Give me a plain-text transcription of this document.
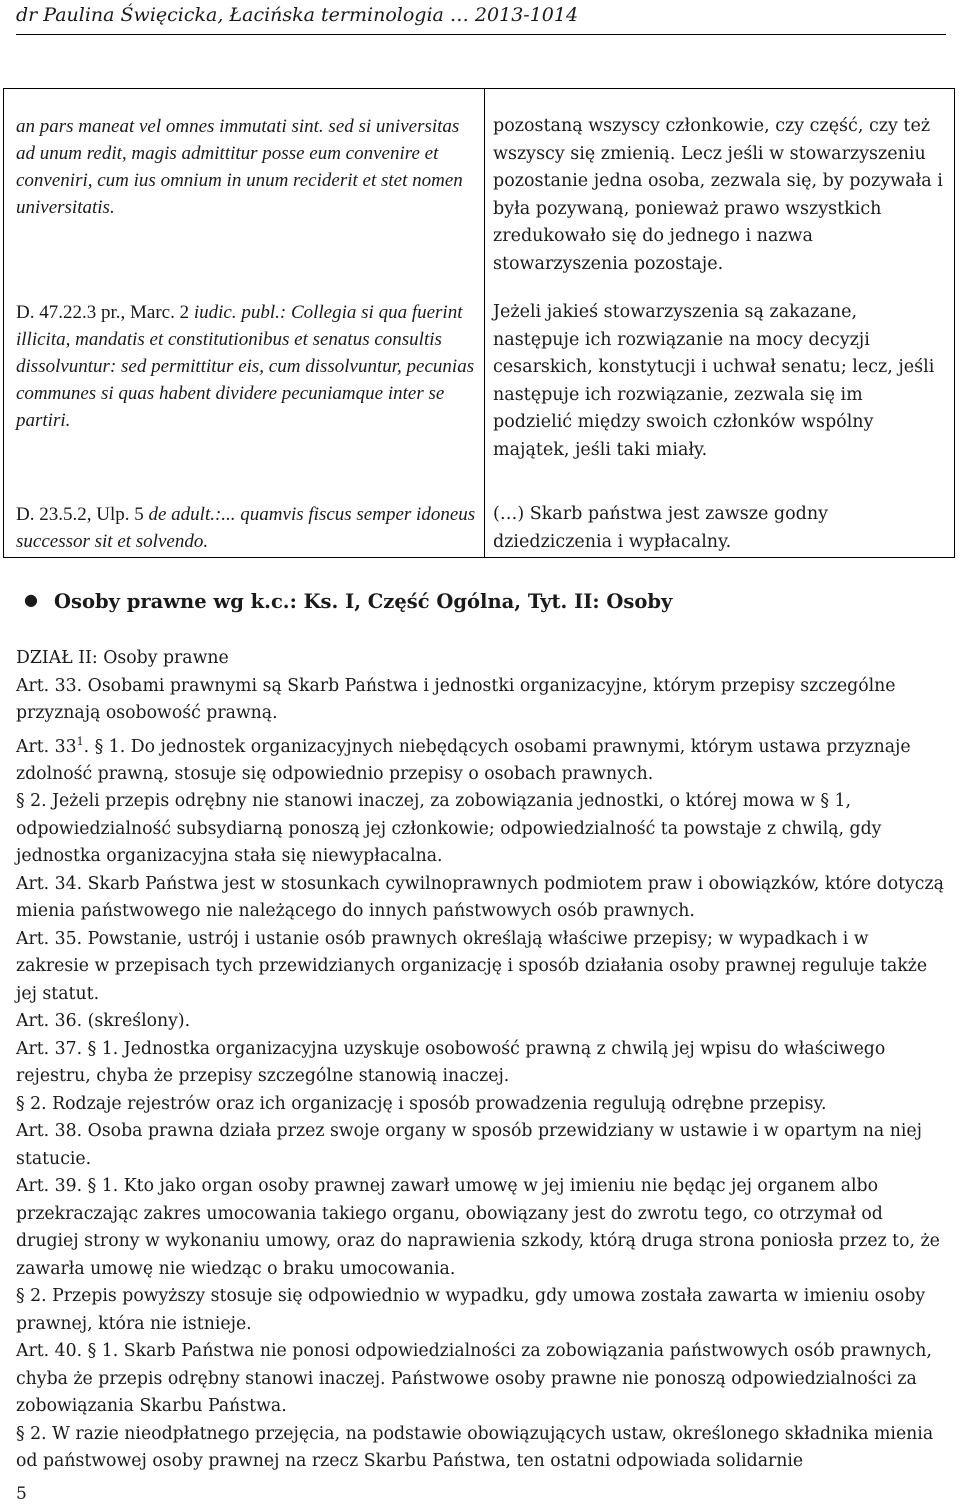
dr Paulina Święcicka, Łacińska terminologia … 2013-1014

an pars maneat vel omnes immutati sint. sed si universitas ad unum redit, magis admittitur posse eum convenire et conveniri, cum ius omnium in unum reciderit et stet nomen universitatis.

pozostaną wszyscy członkowie, czy część, czy też wszyscy się zmienią. Lecz jeśli w stowarzyszeniu pozostanie jedna osoba, zezwala się, by pozywała i była pozywaną, ponieważ prawo wszystkich zredukowało się do jednego i nazwa stowarzyszenia pozostaje.

D. 47.22.3 pr., Marc. 2 iudic. publ.: Collegia si qua fuerint illicita, mandatis et constitutionibus et senatus consultis dissolvuntur: sed permittitur eis, cum dissolvuntur, pecunias communes si quas habent dividere pecuniamque inter se partiri.

Jeżeli jakieś stowarzyszenia są zakazane, następuje ich rozwiązanie na mocy decyzji cesarskich, konstytucji i uchwał senatu; lecz, jeśli następuje ich rozwiązanie, zezwala się im podzielić między swoich członków wspólny majątek, jeśli taki miały.

D. 23.5.2, Ulp. 5 de adult.:... quamvis fiscus semper idoneus successor sit et solvendo.

(…) Skarb państwa jest zawsze godny dziedziczenia i wypłacalny.

● Osoby prawne wg k.c.: Ks. I, Część Ogólna, Tyt. II: Osoby

DZIAŁ II: Osoby prawne

Art. 33. Osobami prawnymi są Skarb Państwa i jednostki organizacyjne, którym przepisy szczególne przyznają osobowość prawną.

Art. $33^1$. § 1. Do jednostek organizacyjnych niebędących osobami prawnymi, którym ustawa przyznaje zdolność prawną, stosuje się odpowiednio przepisy o osobach prawnych.

§ 2. Jeżeli przepis odrębny nie stanowi inaczej, za zobowiązania jednostki, o której mowa w § 1, odpowiedzialność subsydiarną ponoszą jej członkowie; odpowiedzialność ta powstaje z chwilą, gdy jednostka organizacyjna stała się niewypłacalna.

Art. 34. Skarb Państwa jest w stosunkach cywilnoprawnych podmiotem praw i obowiązków, które dotyczą mienia państwowego nie należącego do innych państwowych osób prawnych.

Art. 35. Powstanie, ustrój i ustanie osób prawnych określają właściwe przepisy; w wypadkach i w zakresie w przepisach tych przewidzianych organizację i sposób działania osoby prawnej reguluje także jej statut.

Art. 36. (skreślony).

Art. 37. § 1. Jednostka organizacyjna uzyskuje osobowość prawną z chwilą jej wpisu do właściwego rejestru, chyba że przepisy szczególne stanowią inaczej.

§ 2. Rodzaje rejestrów oraz ich organizację i sposób prowadzenia regulują odrębne przepisy.

Art. 38. Osoba prawna działa przez swoje organy w sposób przewidziany w ustawie i w opartym na niej statucie.

Art. 39. § 1. Kto jako organ osoby prawnej zawarł umowę w jej imieniu nie będąc jej organem albo przekraczając zakres umocowania takiego organu, obowiązany jest do zwrotu tego, co otrzymał od drugiej strony w wykonaniu umowy, oraz do naprawienia szkody, którą druga strona poniosła przez to, że zawarła umowę nie wiedząc o braku umocowania.

§ 2. Przepis powyższy stosuje się odpowiednio w wypadku, gdy umowa została zawarta w imieniu osoby prawnej, która nie istnieje.

Art. 40. § 1. Skarb Państwa nie ponosi odpowiedzialności za zobowiązania państwowych osób prawnych, chyba że przepis odrębny stanowi inaczej. Państwowe osoby prawne nie ponoszą odpowiedzialności za zobowiązania Skarbu Państwa.

§ 2. W razie nieodpłatnego przejęcia, na podstawie obowiązujących ustaw, określonego składnika mienia od państwowej osoby prawnej na rzecz Skarbu Państwa, ten ostatni odpowiada solidarnie

5
